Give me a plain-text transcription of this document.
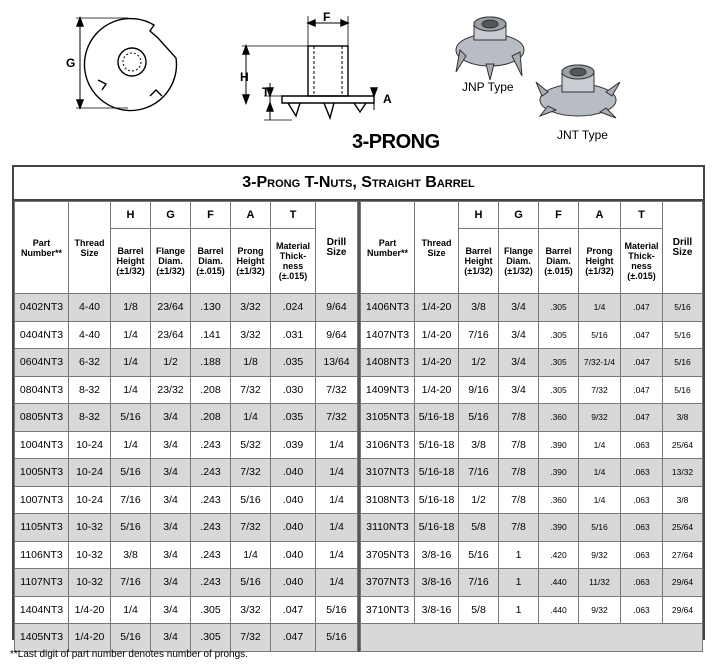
G
F
H
T	A
3-PRONG
JNP Type
JNT Type
3-Prong T-Nuts, Straight Barrel
Part Number**	Thread Size	H	G	F	A	T	Drill Size
		Barrel Height (±1/32)	Flange Diam. (±1/32)	Barrel Diam. (±.015)	Prong Height (±1/32)	Material Thick-ness (±.015)	
0402NT3	4-40	1/8	23/64	.130	3/32	.024	9/64
0404NT3	4-40	1/4	23/64	.141	3/32	.031	9/64
0604NT3	6-32	1/4	1/2	.188	1/8	.035	13/64
0804NT3	8-32	1/4	23/32	.208	7/32	.030	7/32
0805NT3	8-32	5/16	3/4	.208	1/4	.035	7/32
1004NT3	10-24	1/4	3/4	.243	5/32	.039	1/4
1005NT3	10-24	5/16	3/4	.243	7/32	.040	1/4
1007NT3	10-24	7/16	3/4	.243	5/16	.040	1/4
1105NT3	10-32	5/16	3/4	.243	7/32	.040	1/4
1106NT3	10-32	3/8	3/4	.243	1/4	.040	1/4
1107NT3	10-32	7/16	3/4	.243	5/16	.040	1/4
1404NT3	1/4-20	1/4	3/4	.305	3/32	.047	5/16
1405NT3	1/4-20	5/16	3/4	.305	7/32	.047	5/16
Part Number**	Thread Size	H	G	F	A	T	Drill Size
		Barrel Height (±1/32)	Flange Diam. (±1/32)	Barrel Diam. (±.015)	Prong Height (±1/32)	Material Thick-ness (±.015)	
1406NT3	1/4-20	3/8	3/4	.305	1/4	.047	5/16
1407NT3	1/4-20	7/16	3/4	.305	5/16	.047	5/16
1408NT3	1/4-20	1/2	3/4	.305	7/32-1/4	.047	5/16
1409NT3	1/4-20	9/16	3/4	.305	7/32	.047	5/16
3105NT3	5/16-18	5/16	7/8	.360	9/32	.047	3/8
3106NT3	5/16-18	3/8	7/8	.390	1/4	.063	25/64
3107NT3	5/16-18	7/16	7/8	.390	1/4	.063	13/32
3108NT3	5/16-18	1/2	7/8	.360	1/4	.063	3/8
3110NT3	5/16-18	5/8	7/8	.390	5/16	.063	25/64
3705NT3	3/8-16	5/16	1	.420	9/32	.063	27/64
3707NT3	3/8-16	7/16	1	.440	11/32	.063	29/64
3710NT3	3/8-16	5/8	1	.440	9/32	.063	29/64

**Last digit of part number denotes number of prongs.
